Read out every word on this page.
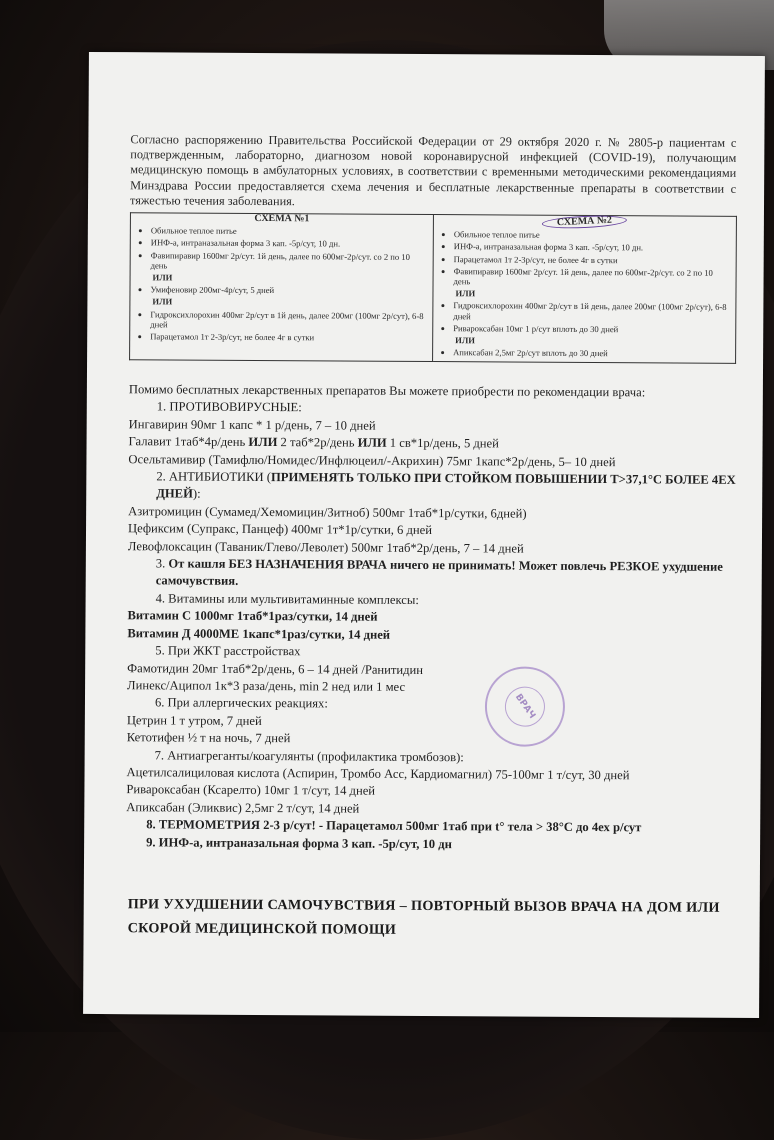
Согласно распоряжению Правительства Российской Федерации от 29 октября 2020 г. № 2805-р пациентам с подтвержденным, лабораторно, диагнозом новой коронавирусной инфекцией (COVID-19), получающим медицинскую помощь в амбулаторных условиях, в соответствии с временными методическими рекомендациями Минздрава России предоставляется схема лечения и бесплатные лекарственные препараты в соответствии с тяжестью течения заболевания.
СХЕМА №1
• Обильное теплое питье
• ИНФ-а, интраназальная форма 3 кап. -5р/сут, 10 дн.
• Фавипиравир 1600мг 2р/сут. 1й день, далее по 600мг-2р/сут. со 2 по 10 день
ИЛИ
• Умифеновир 200мг-4р/сут, 5 дней
ИЛИ
• Гидроксихлорохин 400мг 2р/сут в 1й день, далее 200мг (100мг 2р/сут), 6-8 дней
• Парацетамол 1т 2-3р/сут, не более 4г в сутки

СХЕМА №2
• Обильное теплое питье
• ИНФ-а, интраназальная форма 3 кап. -5р/сут, 10 дн.
• Парацетамол 1т 2-3р/сут, не более 4г в сутки
• Фавипиравир 1600мг 2р/сут. 1й день, далее по 600мг-2р/сут. со 2 по 10 день
ИЛИ
• Гидроксихлорохин 400мг 2р/сут в 1й день, далее 200мг (100мг 2р/сут), 6-8 дней
• Ривароксабан 10мг 1 р/сут вплоть до 30 дней
ИЛИ
• Апиксабан 2,5мг 2р/сут вплоть до 30 дней
Помимо бесплатных лекарственных препаратов Вы можете приобрести по рекомендации врача:
1. ПРОТИВОВИРУСНЫЕ:
Ингавирин 90мг 1 капс * 1 р/день, 7 – 10 дней
Галавит 1таб*4р/день ИЛИ 2 таб*2р/день ИЛИ 1 св*1р/день, 5 дней
Осельтамивир (Тамифлю/Номидес/Инфлюцеил/-Акрихин) 75мг 1капс*2р/день, 5– 10 дней
2. АНТИБИОТИКИ (ПРИМЕНЯТЬ ТОЛЬКО ПРИ СТОЙКОМ ПОВЫШЕНИИ Т>37,1°С БОЛЕЕ 4ЕХ ДНЕЙ):
Азитромицин (Сумамед/Хемомицин/Зитноб) 500мг 1таб*1р/сутки, 6дней)
Цефиксим (Супракс, Панцеф) 400мг 1т*1р/сутки, 6 дней
Левофлоксацин (Таваник/Глево/Леволет) 500мг 1таб*2р/день, 7 – 14 дней
3. От кашля БЕЗ НАЗНАЧЕНИЯ ВРАЧА ничего не принимать! Может повлечь РЕЗКОЕ ухудшение самочувствия.
4. Витамины или мультивитаминные комплексы:
Витамин С 1000мг 1таб*1раз/сутки, 14 дней
Витамин Д 4000МЕ 1капс*1раз/сутки, 14 дней
5. При ЖКТ расстройствах
Фамотидин 20мг 1таб*2р/день, 6 – 14 дней /Ранитидин
Линекс/Аципол 1к*3 раза/день, min 2 нед или 1 мес
6. При аллергических реакциях:
Цетрин 1 т утром, 7 дней
Кетотифен ½ т на ночь, 7 дней
7. Антиагреганты/коагулянты (профилактика тромбозов):
Ацетилсалициловая кислота (Аспирин, Тромбо Асс, Кардиомагнил) 75-100мг 1 т/сут, 30 дней
Ривароксабан (Ксарелто) 10мг 1 т/сут, 14 дней
Апиксабан (Эликвис) 2,5мг 2 т/сут, 14 дней
8. ТЕРМОМЕТРИЯ 2-3 р/сут! - Парацетамол 500мг 1таб при t° тела > 38°С до 4ех р/сут
9. ИНФ-а, интраназальная форма 3 кап. -5р/сут, 10 дн
ПРИ УХУДШЕНИИ САМОЧУВСТВИЯ – ПОВТОРНЫЙ ВЫЗОВ ВРАЧА НА ДОМ ИЛИ СКОРОЙ МЕДИЦИНСКОЙ ПОМОЩИ
ВРАЧ
